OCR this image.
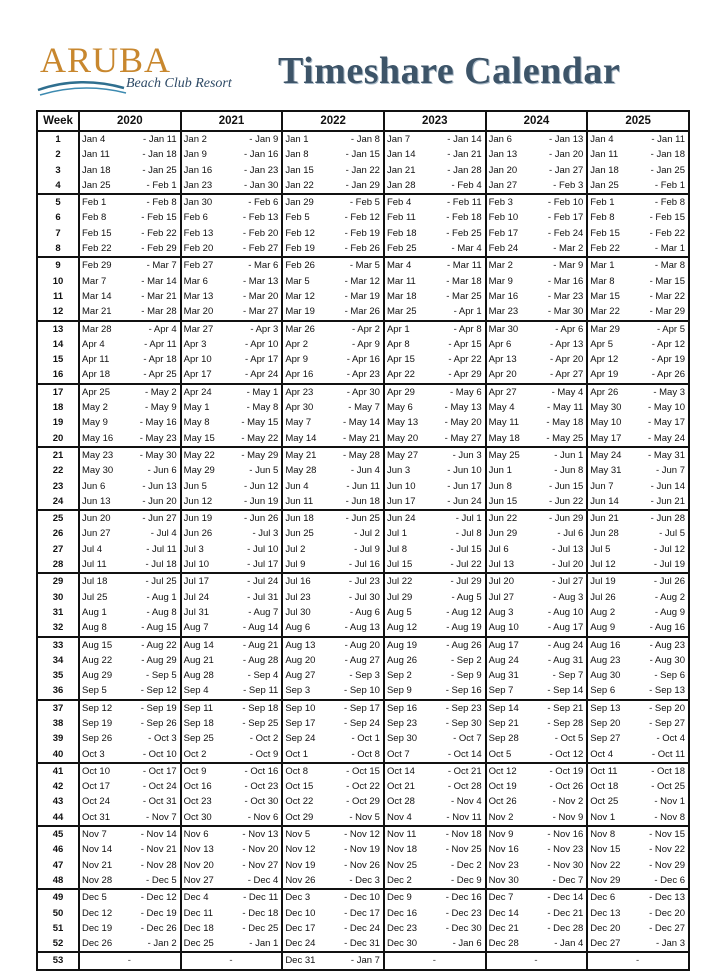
ARUBA
Beach Club Resort Timeshare Calendar
Week	2020	2021	2022	2023	2024	2025
1	Jan 4 - Jan 11	Jan 2 - Jan 9	Jan 1 - Jan 8	Jan 7 - Jan 14	Jan 6 - Jan 13	Jan 4 - Jan 11

2	Jan 11 - Jan 18	Jan 9 - Jan 16	Jan 8 - Jan 15	Jan 14 - Jan 21	Jan 13 - Jan 20	Jan 11 - Jan 18

3	Jan 18 - Jan 25	Jan 16 - Jan 23	Jan 15 - Jan 22	Jan 21 - Jan 28	Jan 20 - Jan 27	Jan 18 - Jan 25

4	Jan 25 - Feb 1	Jan 23 - Jan 30	Jan 22 - Jan 29	Jan 28 - Feb 4	Jan 27 - Feb 3	Jan 25 - Feb 1

5	Feb 1 - Feb 8	Jan 30 - Feb 6	Jan 29 - Feb 5	Feb 4 - Feb 11	Feb 3 - Feb 10	Feb 1 - Feb 8

6	Feb 8 - Feb 15	Feb 6 - Feb 13	Feb 5 - Feb 12	Feb 11 - Feb 18	Feb 10 - Feb 17	Feb 8 - Feb 15

7	Feb 15 - Feb 22	Feb 13 - Feb 20	Feb 12 - Feb 19	Feb 18 - Feb 25	Feb 17 - Feb 24	Feb 15 - Feb 22

8	Feb 22 - Feb 29	Feb 20 - Feb 27	Feb 19 - Feb 26	Feb 25 - Mar 4	Feb 24 - Mar 2	Feb 22 - Mar 1

9	Feb 29 - Mar 7	Feb 27 - Mar 6	Feb 26 - Mar 5	Mar 4 - Mar 11	Mar 2 - Mar 9	Mar 1 - Mar 8

10	Mar 7 - Mar 14	Mar 6 - Mar 13	Mar 5 - Mar 12	Mar 11 - Mar 18	Mar 9 - Mar 16	Mar 8 - Mar 15

11	Mar 14 - Mar 21	Mar 13 - Mar 20	Mar 12 - Mar 19	Mar 18 - Mar 25	Mar 16 - Mar 23	Mar 15 - Mar 22

12	Mar 21 - Mar 28	Mar 20 - Mar 27	Mar 19 - Mar 26	Mar 25 - Apr 1	Mar 23 - Mar 30	Mar 22 - Mar 29

13	Mar 28 - Apr 4	Mar 27 - Apr 3	Mar 26 - Apr 2	Apr 1 - Apr 8	Mar 30 - Apr 6	Mar 29 - Apr 5

14	Apr 4 - Apr 11	Apr 3 - Apr 10	Apr 2 - Apr 9	Apr 8 - Apr 15	Apr 6 - Apr 13	Apr 5 - Apr 12

15	Apr 11 - Apr 18	Apr 10 - Apr 17	Apr 9 - Apr 16	Apr 15 - Apr 22	Apr 13 - Apr 20	Apr 12 - Apr 19

16	Apr 18 - Apr 25	Apr 17 - Apr 24	Apr 16 - Apr 23	Apr 22 - Apr 29	Apr 20 - Apr 27	Apr 19 - Apr 26

17	Apr 25 - May 2	Apr 24 - May 1	Apr 23 - Apr 30	Apr 29 - May 6	Apr 27 - May 4	Apr 26 - May 3

18	May 2 - May 9	May 1 - May 8	Apr 30 - May 7	May 6 - May 13	May 4 - May 11	May 30 - May 10

19	May 9 - May 16	May 8 - May 15	May 7 - May 14	May 13 - May 20	May 11 - May 18	May 10 - May 17

20	May 16 - May 23	May 15 - May 22	May 14 - May 21	May 20 - May 27	May 18 - May 25	May 17 - May 24

21	May 23 - May 30	May 22 - May 29	May 21 - May 28	May 27 - Jun 3	May 25 - Jun 1	May 24 - May 31

22	May 30 - Jun 6	May 29 - Jun 5	May 28 - Jun 4	Jun 3 - Jun 10	Jun 1 - Jun 8	May 31 - Jun 7

23	Jun 6 - Jun 13	Jun 5 - Jun 12	Jun 4 - Jun 11	Jun 10 - Jun 17	Jun 8 - Jun 15	Jun 7 - Jun 14

24	Jun 13 - Jun 20	Jun 12 - Jun 19	Jun 11 - Jun 18	Jun 17 - Jun 24	Jun 15 - Jun 22	Jun 14 - Jun 21

25	Jun 20 - Jun 27	Jun 19 - Jun 26	Jun 18 - Jun 25	Jun 24 - Jul 1	Jun 22 - Jun 29	Jun 21 - Jun 28

26	Jun 27 - Jul 4	Jun 26 - Jul 3	Jun 25 - Jul 2	Jul 1 - Jul 8	Jun 29 - Jul 6	Jun 28 - Jul 5

27	Jul 4 - Jul 11	Jul 3 - Jul 10	Jul 2 - Jul 9	Jul 8 - Jul 15	Jul 6 - Jul 13	Jul 5 - Jul 12

28	Jul 11 - Jul 18	Jul 10 - Jul 17	Jul 9 - Jul 16	Jul 15 - Jul 22	Jul 13 - Jul 20	Jul 12 - Jul 19

29	Jul 18 - Jul 25	Jul 17 - Jul 24	Jul 16 - Jul 23	Jul 22 - Jul 29	Jul 20 - Jul 27	Jul 19 - Jul 26

30	Jul 25 - Aug 1	Jul 24 - Jul 31	Jul 23 - Jul 30	Jul 29 - Aug 5	Jul 27 - Aug 3	Jul 26 - Aug 2

31	Aug 1 - Aug 8	Jul 31 - Aug 7	Jul 30 - Aug 6	Aug 5 - Aug 12	Aug 3 - Aug 10	Aug 2 - Aug 9

32	Aug 8 - Aug 15	Aug 7 - Aug 14	Aug 6 - Aug 13	Aug 12 - Aug 19	Aug 10 - Aug 17	Aug 9 - Aug 16

33	Aug 15 - Aug 22	Aug 14 - Aug 21	Aug 13 - Aug 20	Aug 19 - Aug 26	Aug 17 - Aug 24	Aug 16 - Aug 23

34	Aug 22 - Aug 29	Aug 21 - Aug 28	Aug 20 - Aug 27	Aug 26 - Sep 2	Aug 24 - Aug 31	Aug 23 - Aug 30

35	Aug 29 - Sep 5	Aug 28 - Sep 4	Aug 27 - Sep 3	Sep 2 - Sep 9	Aug 31 - Sep 7	Aug 30 - Sep 6

36	Sep 5 - Sep 12	Sep 4 - Sep 11	Sep 3 - Sep 10	Sep 9 - Sep 16	Sep 7 - Sep 14	Sep 6 - Sep 13

37	Sep 12 - Sep 19	Sep 11 - Sep 18	Sep 10 - Sep 17	Sep 16 - Sep 23	Sep 14 - Sep 21	Sep 13 - Sep 20

38	Sep 19 - Sep 26	Sep 18 - Sep 25	Sep 17 - Sep 24	Sep 23 - Sep 30	Sep 21 - Sep 28	Sep 20 - Sep 27

39	Sep 26 - Oct 3	Sep 25 - Oct 2	Sep 24 - Oct 1	Sep 30 - Oct 7	Sep 28 - Oct 5	Sep 27 - Oct 4

40	Oct 3 - Oct 10	Oct 2 - Oct 9	Oct 1 - Oct 8	Oct 7 - Oct 14	Oct 5 - Oct 12	Oct 4 - Oct 11

41	Oct 10 - Oct 17	Oct 9 - Oct 16	Oct 8 - Oct 15	Oct 14 - Oct 21	Oct 12 - Oct 19	Oct 11 - Oct 18

42	Oct 17 - Oct 24	Oct 16 - Oct 23	Oct 15 - Oct 22	Oct 21 - Oct 28	Oct 19 - Oct 26	Oct 18 - Oct 25

43	Oct 24 - Oct 31	Oct 23 - Oct 30	Oct 22 - Oct 29	Oct 28 - Nov 4	Oct 26 - Nov 2	Oct 25 - Nov 1

44	Oct 31 - Nov 7	Oct 30 - Nov 6	Oct 29 - Nov 5	Nov 4 - Nov 11	Nov 2 - Nov 9	Nov 1 - Nov 8

45	Nov 7 - Nov 14	Nov 6 - Nov 13	Nov 5 - Nov 12	Nov 11 - Nov 18	Nov 9 - Nov 16	Nov 8 - Nov 15

46	Nov 14 - Nov 21	Nov 13 - Nov 20	Nov 12 - Nov 19	Nov 18 - Nov 25	Nov 16 - Nov 23	Nov 15 - Nov 22

47	Nov 21 - Nov 28	Nov 20 - Nov 27	Nov 19 - Nov 26	Nov 25 - Dec 2	Nov 23 - Nov 30	Nov 22 - Nov 29

48	Nov 28 - Dec 5	Nov 27 - Dec 4	Nov 26 - Dec 3	Dec 2 - Dec 9	Nov 30 - Dec 7	Nov 29 - Dec 6

49	Dec 5 - Dec 12	Dec 4 - Dec 11	Dec 3 - Dec 10	Dec 9 - Dec 16	Dec 7 - Dec 14	Dec 6 - Dec 13

50	Dec 12 - Dec 19	Dec 11 - Dec 18	Dec 10 - Dec 17	Dec 16 - Dec 23	Dec 14 - Dec 21	Dec 13 - Dec 20

51	Dec 19 - Dec 26	Dec 18 - Dec 25	Dec 17 - Dec 24	Dec 23 - Dec 30	Dec 21 - Dec 28	Dec 20 - Dec 27

52	Dec 26 - Jan 2	Dec 25 - Jan 1	Dec 24 - Dec 31	Dec 30 - Jan 6	Dec 28 - Jan 4	Dec 27 - Jan 3

53	-	-	Dec 31 - Jan 7	-	-	-
